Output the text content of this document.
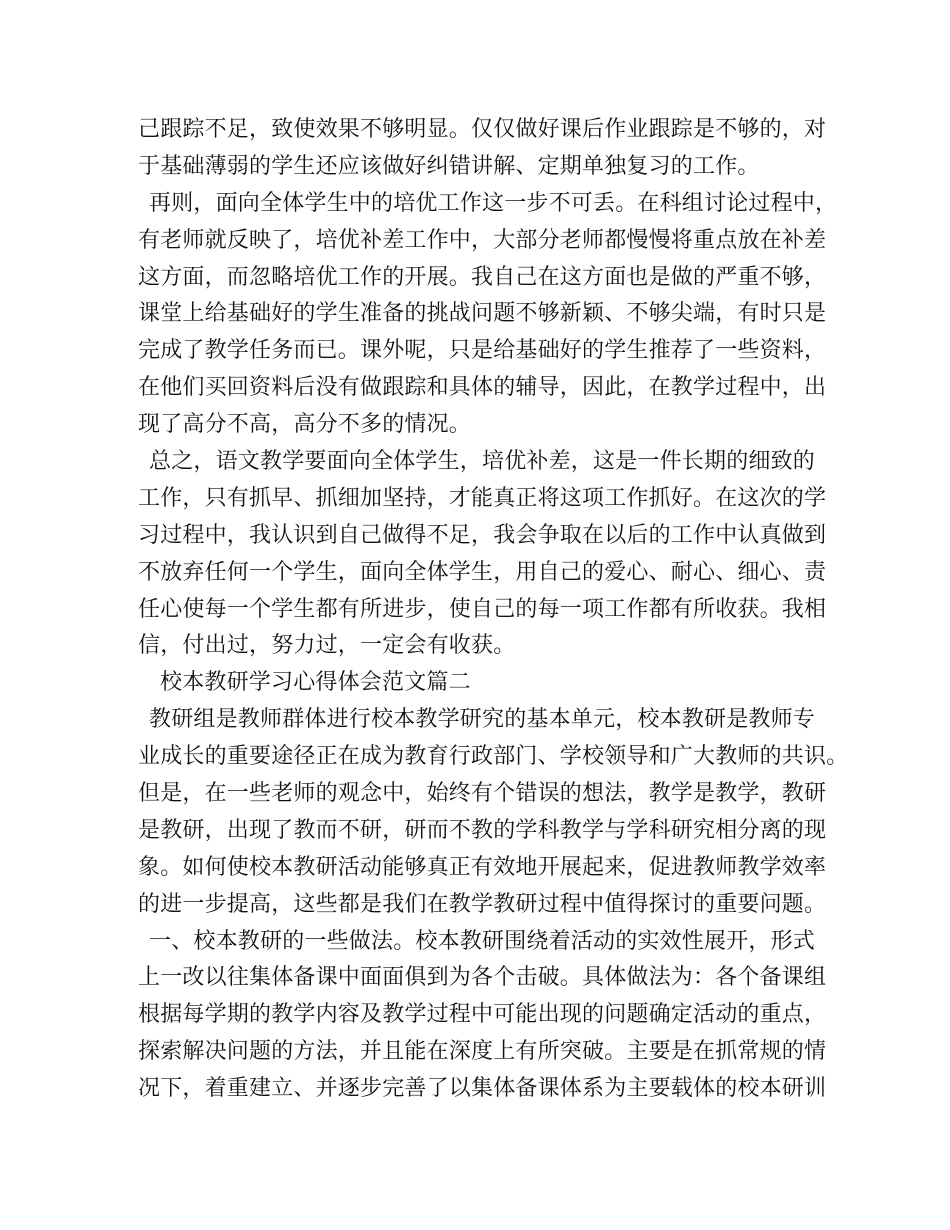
己跟踪不足，致使效果不够明显。仅仅做好课后作业跟踪是不够的，对
于基础薄弱的学生还应该做好纠错讲解、定期单独复习的工作。
再则，面向全体学生中的培优工作这一步不可丢。在科组讨论过程中，
有老师就反映了，培优补差工作中，大部分老师都慢慢将重点放在补差
这方面，而忽略培优工作的开展。我自己在这方面也是做的严重不够，
课堂上给基础好的学生准备的挑战问题不够新颖、不够尖端，有时只是
完成了教学任务而已。课外呢，只是给基础好的学生推荐了一些资料，
在他们买回资料后没有做跟踪和具体的辅导，因此，在教学过程中，出
现了高分不高，高分不多的情况。
总之，语文教学要面向全体学生，培优补差，这是一件长期的细致的
工作，只有抓早、抓细加坚持，才能真正将这项工作抓好。在这次的学
习过程中，我认识到自己做得不足，我会争取在以后的工作中认真做到
不放弃任何一个学生，面向全体学生，用自己的爱心、耐心、细心、责
任心使每一个学生都有所进步，使自己的每一项工作都有所收获。我相
信，付出过，努力过，一定会有收获。
校本教研学习心得体会范文篇二
教研组是教师群体进行校本教学研究的基本单元，校本教研是教师专
业成长的重要途径正在成为教育行政部门、学校领导和广大教师的共识。
但是，在一些老师的观念中，始终有个错误的想法，教学是教学，教研
是教研，出现了教而不研，研而不教的学科教学与学科研究相分离的现
象。如何使校本教研活动能够真正有效地开展起来，促进教师教学效率
的进一步提高，这些都是我们在教学教研过程中值得探讨的重要问题。
一、校本教研的一些做法。校本教研围绕着活动的实效性展开，形式
上一改以往集体备课中面面俱到为各个击破。具体做法为：各个备课组
根据每学期的教学内容及教学过程中可能出现的问题确定活动的重点，
探索解决问题的方法，并且能在深度上有所突破。主要是在抓常规的情
况下，着重建立、并逐步完善了以集体备课体系为主要载体的校本研训
